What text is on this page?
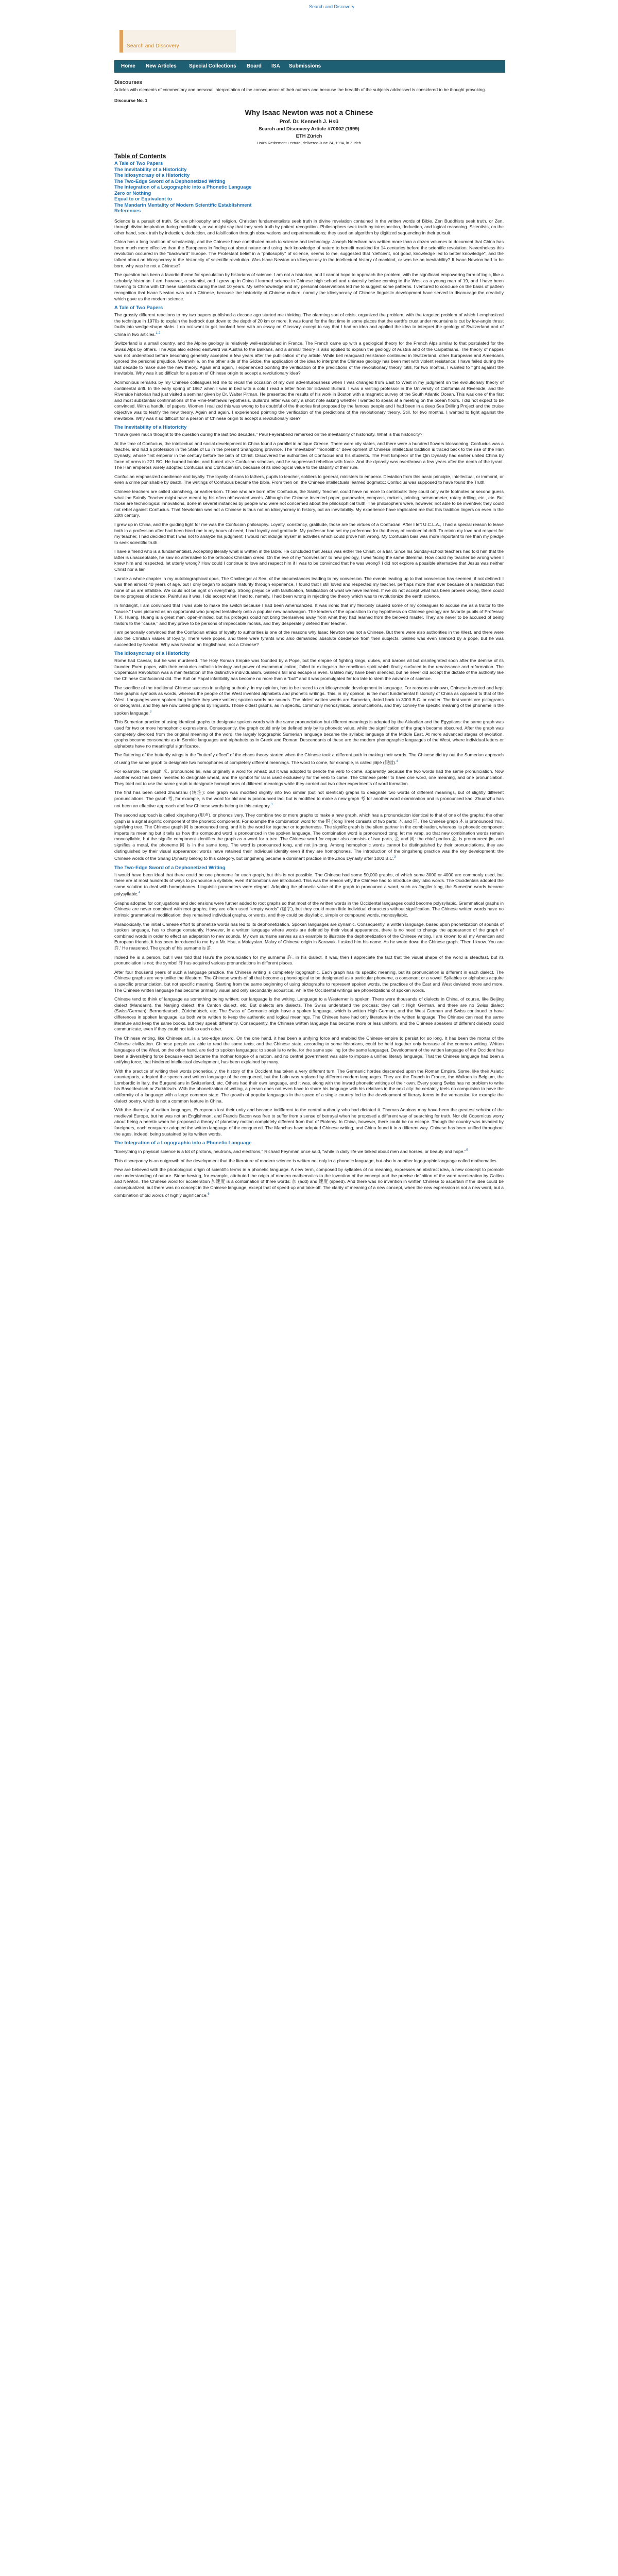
Search and Discovery
Search and Discovery
Home New Articles Special Collections Board ISA Submissions

Discourses

Articles with elements of commentary and personal interpretation of the consequence of their authors and because the breadth of the subjects addressed is considered to be thought provoking.

Discourse No. 1

Why Isaac Newton was not a Chinese

Prof. Dr. Kenneth J. Hsü

Search and Discovery Article #70002 (1999)

ETH Zürich

Hsü's Retirement Lecture, delivered June 24, 1994, in Zürich

Table of Contents

A Tale of Two Papers
The Inevitability of a Historicity
The Idiosyncrasy of a Historicity
The Two-Edge Sword of a Dephonetized Writing
The Integration of a Logographic into a Phonetic Language
Zero or Nothing
Equal to or Equivalent to
The Mandarin Mentality of Modern Scientific Establishment
References

Science is a pursuit of truth. So are philosophy and religion. Christian fundamentalists seek truth in divine revelation contained in the written words of Bible. Zen Buddhists seek truth, or Zen, through divine inspiration during meditation, or we might say that they seek truth by patient recognition. Philosophers seek truth by introspection, deduction, and logical reasoning. Scientists, on the other hand, seek truth by induction, deduction, and falsification through observations and experimentations; they used an algorithm by digitized sequencing in their pursuit.

China has a long tradition of scholarship, and the Chinese have contributed much to science and technology. Joseph Needham has written more than a dozen volumes to document that China has been much more effective than the Europeans in finding out about nature and using their knowledge of nature to benefit mankind for 14 centuries before the scientific revolution. Nevertheless this revolution occurred in the "backward" Europe. The Protestant belief in a "philosophy" of science, seems to me, suggested that "deficient, not good, knowledge led to better knowledge", and the talked about an idiosyncrasy in the historicity of scientific revolution. Was Isaac Newton an idiosyncrasy in the intellectual history of mankind, or was he an inevitability? If Isaac Newton had to be born, why was he not a Chinese?

The question has been a favorite theme for speculation by historians of science. I am not a historian, and I cannot hope to approach the problem, with the significant empowering form of logic, like a scholarly historian. I am, however, a scientist, and I grew up in China I learned science in Chinese high school and university before coming to the West as a young man of 19, and I have been traveling to China with Chinese scientists during the last 10 years. My self-knowledge and my personal observations led me to suggest some patterns. I ventured to conclude on the basis of pattern recognition that Isaac Newton was not a Chinese, because the historicity of Chinese culture, namely the idiosyncrasy of Chinese linguistic development have served to discourage the creativity which gave us the modern science.

A Tale of Two Papers

The grossly different reactions to my two papers published a decade ago started me thinking. The alarming sort of crisis, organized the problem, with the targeted problem of which I emphasized the technique in 1970s to explain the bedrock dust down to the depth of 20 km or more. It was found for the first time in some places that the earth's crust under mountains is cut by low-angle thrust faults into wedge-shape slabs. I do not want to get involved here with an essay on Glossary, except to say that I had an idea and applied the idea to interpret the geology of Switzerland and of China in two articles.$^{1,2}$

Switzerland is a small country, and the Alpine geology is relatively well-established in France. The French came up with a geological theory for the French Alps similar to that postulated for the Swiss Alps by others. The Alps also extend eastward via Austria to the Balkans, and a similar theory is also applied to explain the geology of Austria and of the Carpathians. The theory of nappes was not understood before becoming generally accepted a few years after the publication of my article. While bell rearguard resistance continued in Switzerland, other Europeans and Americans ignored the personal prejudice. Meanwhile, on the other side of the Globe, the application of the idea to interpret the Chinese geology has been met with violent resistance; I have failed during the last decade to make sure the new theory. Again and again, I experienced pointing the verification of the predictions of the revolutionary theory. Still, for two months, I wanted to fight against the inevitable. Why was it so difficult for a person of Chinese origin to accept a revolutionary idea?

Acrimonious remarks by my Chinese colleagues led me to recall the occasion of my own adventurousness when I was changed from East to West in my judgment on the evolutionary theory of continental drift. In the early spring of 1967 when I was in bed with a cold I read a letter from Sir Edward Bullard. I was a visiting professor in the University of California at Riverside, and the Riverside historian had just visited a seminar given by Dr. Walter Pitman. He presented the results of his work in Boston with a magnetic survey of the South Atlantic Ocean. This was one of the first and most substantial confirmations of the Vine-Matthews hypothesis. Bullard's letter was only a short note asking whether I wanted to speak at a meeting on the ocean floors. I did not expect to be convinced. With a handful of papers. Women I realized this was wrong to be doubtful of the theories first proposed by the famous people and I had been in a deep Sea Drilling Project and the cruise objective was to testify the new theory. Again and again, I experienced pointing the verification of the predictions of the revolutionary theory. Still, for two months, I wanted to fight against the inevitable. Why was it so difficult for a person of Chinese origin to accept a revolutionary idea?

The Inevitability of a Historicity

"I have given much thought to the question during the last two decades," Paul Feyerabend remarked on the inevitability of historicity. What is this historicity?

At the time of Confucius, the intellectual and social development in China found a parallel in antique Greece. There were city states, and there were a hundred flowers blossoming. Confucius was a teacher, and had a profession in the State of Lu in the present Shangdong province. The "inevitable" "monolithic" development of Chinese intellectual tradition is traced back to the rise of the Han Dynasty, whose first emperor in the century before the birth of Christ. Discovered the authorities of Confucius and his students. The First Emperor of the Qin Dynasty had earlier united China by force of arms in 221 BC. He burned books, and buried alive Confucian scholars, and he suppressed rebellion with force. And the dynasty was overthrown a few years after the death of the tyrant. The Han emperors wisely adopted Confucius and Confucianism, because of its ideological value to the stability of their rule.

Confucian emphasized obedience and loyalty. The loyalty of sons to fathers, pupils to teacher, soldiers to general, ministers to emperor. Deviation from this basic principle, intellectual, or immoral, or even a crime punishable by death. The writings of Confucius became the bible. From then on, the Chinese intellectuals learned dogmatic: Confucius was supposed to have found the Truth.

Chinese teachers are called xiansheng, or earlier-born. Those who are born after Confucius, the Saintly Teacher, could have no more to contribute: they could only write footnotes or second guess what the Saintly Teacher might have meant by his often obfuscated words. Although the Chinese invented paper, gunpowder, compass, rockets, printing, seismometer, rotary drilling, etc., etc. But those are technological innovations, done in several instances by people who were not concerned about the philosophical truth. The philosophers were, however, not able to be inventive; they could not rebel against Confucius. That Newtonian was not a Chinese is thus not an idiosyncrasy in history, but an inevitability. My experience have implicated me that this tradition lingers on even in the 20th century.

I grew up in China, and the guiding light for me was the Confucian philosophy. Loyalty, constancy, gratitude, those are the virtues of a Confucian. After I left U.C.L.A., I had a special reason to leave both in a profession after had been hired me in my hours of need; I had loyalty and gratitude. My professor had set my preference for the theory of continental drift. To retain my love and respect for my teacher, I had decided that I was not to analyze his judgment; I would not indulge myself in activities which could prove him wrong. My Confucian bias was more important to me than my pledge to seek scientific truth.

I have a friend who is a fundamentalist. Accepting literally what is written in the Bible. He concluded that Jesus was either the Christ, or a liar. Since his Sunday-school teachers had told him that the latter is unacceptable, he saw no alternative to the orthodox Christian creed. On the eve of my "conversion" to new geology, I was facing the same dilemma. How could my teacher be wrong when I knew him and respected, let utterly wrong? How could I continue to love and respect him if I was to be convinced that he was wrong? I did not explore a possible alternative that Jesus was neither Christ nor a liar.

I wrote a whole chapter in my autobiographical opus, The Challenger at Sea, of the circumstances leading to my conversion. The events leading up to that conversion has seemed, if not defined: I was then almost 40 years of age, but I only began to acquire maturity through experience, I found that I still loved and respected my teacher, perhaps more than ever because of a realization that none of us are infallible. We could not be right on everything. Strong prejudice with falsification, falsification of what we have learned. If we do not accept what has been proven wrong, there could be no progress of science. Painful as it was, I did accept what I had to, namely, I had been wrong in rejecting the theory which was to revolutionize the earth science.

In hindsight, I am convinced that I was able to make the switch because I had been Americanized. It was ironic that my flexibility caused some of my colleagues to accuse me as a traitor to the "cause." I was pictured as an opportunist who jumped tentatively onto a popular new bandwagon. The leaders of the opposition to my hypothesis on Chinese geology are favorite pupils of Professor T. K. Huang. Huang is a great man, open-minded, but his proteges could not bring themselves away from what they had learned from the beloved master. They are never to be accused of being traitors to the "cause," and they prove to be persons of impeccable morals, and they desperately defend their teacher.

I am personally convinced that the Confucian ethics of loyalty to authorities is one of the reasons why Isaac Newton was not a Chinese. But there were also authorities in the West, and there were also the Christian values of loyalty. There were popes, and there were tyrants who also demanded absolute obedience from their subjects. Galileo was even silenced by a pope, but he was succeeded by Newton. Why was Newton an Englishman, not a Chinese?

The Idiosyncrasy of a Historicity

Rome had Caesar, but he was murdered. The Holy Roman Empire was founded by a Pope, but the empire of fighting kings, dukes, and barons all but disintegrated soon after the demise of its founder. Even popes, with their centuries catholic ideology and power of excommunication, failed to extinguish the rebellious spirit which finally surfaced in the renaissance and reformation. The Copernican Revolution was a manifestation of the distinctive individualism. Galileo's fall and escape is even. Galileo may have been silenced, but he never did accept the dictate of the authority like the Chinese Confucianist did. The Bull on Papal infallibility has become no more than a "bull" and it was promulgated far too late to stem the advance of science.

The sacrifice of the traditional Chinese success in unifying authority, in my opinion, has to be traced to an idiosyncratic development in language. For reasons unknown, Chinese invented and kept their graphic symbols as words, whereas the people of the West invented alphabets and phonetic writings. This, in my opinion, is the most fundamental historicity of China as opposed to that of the West. Languages were spoken long before they were written; spoken words are sounds. The oldest written words are Sumerian, dated back to 3000 B.C. or earlier. The first words are pictograms or ideograms, and they are now called graphs by linguists. Those oldest graphs, as in specific, commonly monosyllabic, pronunciations, and they convey the specific meaning of the phoneme in the spoken language.$^3$

This Sumerian practice of using identical graphs to designate spoken words with the same pronunciation but different meanings is adopted by the Akkadian and the Egyptians: the same graph was used for two or more homophonic expressions. Consequently, the graph could only be defined only by its phonetic value, while the signification of the graph became obscured. After the graph was completely divorced from the original meaning of the word, the largely logographic Sumerian language became the syllabic language of the Middle East. At more advanced stages of evolution, graphs became consonants as in Semitic languages and alphabets as in Greek and Roman. Descendants of these are the modern phonographic languages of the West, where individual letters or alphabets have no meaningful significance.

The fluttering of the butterfly wings in the "butterfly effect" of the chaos theory started when the Chinese took a different path in making their words. The Chinese did try out the Sumerian approach of using the same graph to designate two homophones of completely different meanings. The word to come, for example, is called jiǎjiè (假借).$^4$

For example, the graph 来, pronounced lai, was originally a word for wheat; but it was adopted to denote the verb to come, apparently because the two words had the same pronunciation. Now another word has been invented to designate wheat, and the symbol for lai is used exclusively for the verb to come. The Chinese prefer to have one word, one meaning, and one pronunciation. They tried not to use the same graph to designate homophones of different meanings while they carried out two other experiments of word formation.

The first has been called zhuanzhu (转注): one graph was modified slightly into two similar (but not identical) graphs to designate two words of different meanings, but of slightly different pronunciations. The graph 考, for example, is the word for old and is pronounced lao, but is modified to make a new graph 考 for another word examination and is pronounced kao. Zhuanzhu has not been an effective approach and few Chinese words belong to this category.$^3$

The second approach is called xingsheng (形声), or phonosilvery. They combine two or more graphs to make a new graph, which has a pronunciation identical to that of one of the graphs; the other graph is a signal signific component of the phonetic component. For example the combination word for the 铜 (Tong Tree) consists of two parts: 木 and 同. The Chinese graph 木 is pronounced 'mu', signifying tree. The Chinese graph 同 is pronounced tong, and it is the word for together or togetherness. The signific graph is the silent partner in the combination, whereas its phonetic component imparts its meaning but it tells us how this compound word is pronounced in the spoken language. The combination word is pronounced tong; let me wrap, so that new combination words remain monosyllabic, but the signific component identifies the graph as a word for a tree. The Chinese word for copper also consists of two parts, 金 and 同: the chief portion 金, is pronounced jin, and signifies a metal, the phoneme 同 is in the same tong. The word is pronounced tong, and not jin-tong. Among homophonic words cannot be distinguished by their pronunciations, they are distinguished by their visual appearance; words have retained their individual identity even if they are homophones. The introduction of the xingsheng practice was the key development: the Chinese words of the Shang Dynasty belong to this category, but xingsheng became a dominant practice in the Zhou Dynasty after 1000 B.C.$^3$

The Two-Edge Sword of a Dephonetized Writing

It would have been ideal that there could be one phoneme for each graph, but this is not possible. The Chinese had some 50,000 graphs, of which some 3000 or 4000 are commonly used, but there are at most hundreds of ways to pronounce a syllable, even if intonations are introduced. This was the reason why the Chinese had to introduce disyllabic words. The Occidentals adopted the same solution to deal with homophones. Linguistic parameters were elegant. Adopting the phonetic value of the graph to pronounce a word, such as Jagjiler king, the Sumerian words became polysyllabic.$^4$

Graphs adopted for conjugations and declensions were further added to root graphs so that most of the written words in the Occidental languages could become polysyllabic. Grammatical graphs in Chinese are never combined with root graphs; they are often used "empty words" (虚字), but they could mean little individual characters without signification. The Chinese written words have no intrinsic grammatical modification: they remained individual graphs, or words, and they could be disyllabic, simple or compound words, monosyllabic.

Paradoxically, the initial Chinese effort to phonetize words has led to its dephonetization. Spoken languages are dynamic. Consequently, a written language, based upon phonetization of sounds of spoken language, has to change constantly. However, in a written language where words are defined by their visual appearance, there is no need to change the appearance of the graph of combined words in order to effect an adaptation to new sounds. My own surname serves as an example to illustrate the dephonetization of the Chinese writing. I am known to all my American and European friends, it has been introduced to me by a Mr. Hsu, a Malaysian. Malay of Chinese origin in Sarawak. I asked him his name. As he wrote down the Chinese graph. 'Then I know. You are 許.' He reasoned. The graph of his surname is 許.

Indeed he is a person, but I was told that Hsu's the pronunciation for my surname 許. in his dialect. It was, then I appreciate the fact that the visual shape of the word is steadfast, but its pronunciation is not; the symbol 許 has acquired various pronunciations in different places.

After four thousand years of such a language practice, the Chinese writing is completely logographic. Each graph has its specific meaning, but its pronunciation is different in each dialect. The Chinese graphs are very unlike the Western. The Chinese words of all that become a phonological to be designated as a particular phoneme, a consonant or a vowel. Syllables or alphabets acquire a specific pronunciation, but not specific meaning. Starting from the same beginning of using pictographs to represent spoken words, the practices of the East and West deviated more and more. The Chinese written language has become primarily visual and only secondarily acoustical, while the Occidental writings are phonetizations of spoken words.

Chinese tend to think of language as something being written; our language is the writing. Language to a Westerner is spoken. There were thousands of dialects in China, of course, like Beijing dialect (Mandarin), the Nanjing dialect, the Canton dialect, etc. But dialects are dialects. The Swiss understand the process; they call it High German, and there are no Swiss dialect (Swiss/German): Bernerdeutsch, Zürichdütsch, etc. The Swiss of Germanic origin have a spoken language, which is written High German, and the West German and Swiss continued to have differences in spoken language, as both write written to keep the authentic and logical meanings. The Chinese have had only literature in the written language. The Chinese can read the same literature and keep the same books, but they speak differently. Consequently, the Chinese written language has become more or less uniform, and the Chinese speakers of different dialects could communicate, even if they could not talk to each other.

The Chinese writing, like Chinese art, is a two-edge sword. On the one hand, it has been a unifying force and enabled the Chinese empire to persist for so long. It has been the mortar of the Chinese civilization. Chinese people are able to read the same texts, and the Chinese state, according to some historians, could be held together only because of the common writing. Written languages of the West, on the other hand, are tied to spoken languages: to speak is to write, for the same spelling (or the same language). Development of the written language of the Occident has been a diversifying force because each became the mother tongue of a nation, and no central government was able to impose a unified literary language. That the Chinese language had been a unifying force, that hindered intellectual development, has been explained by many.

With the practice of writing their words phonetically, the history of the Occident has taken a very different turn. The Germanic hordes descended upon the Roman Empire. Some, like their Asiatic counterparts, adopted the speech and written language of the conquered, but the Latin was replaced by different modern languages. They are the French in France, the Walloon in Belgium, the Lombardic in Italy, the Burgundians in Switzerland, etc. Others had their own language, and it was, along with the inward phonetic writings of their own. Every young Swiss has no problem to write his Baseldeutsch or Zuridütsch. With the phonetization of writing, a person does not even have to share his language with his relatives in the next city: he certainly feels no compulsion to have the uniformity of a language with a large common state. The growth of popular languages in the space of a single country led to the development of literary forms in the vernacular, for example the dialect poetry, which is not a common feature in China.

With the diversity of written languages, Europeans lost their unity and became indifferent to the central authority who had dictated it. Thomas Aquinas may have been the greatest scholar of the medieval Europe, but he was not an Englishman, and Francis Bacon was free to suffer from a sense of betrayal when he proposed a different way of searching for truth. Nor did Copernicus worry about being a heretic when he proposed a theory of planetary motion completely different from that of Ptolemy. In China, however, there could be no escape. Though the country was invaded by foreigners, each conqueror adopted the written language of the conquered. The Manchus have adopted Chinese writing, and China found it in a different way. Chinese has been unified throughout the ages, indeed: being sustained by its written words.

The Integration of a Logographic into a Phonetic Language

"Everything in physical science is a lot of protons, neutrons, and electrons," Richard Feynman once said, "while in daily life we talked about men and horses, or beauty and hope."$^5$

This discrepancy is an outgrowth of the development that the literature of modern science is written not only in a phonetic language, but also in another logographic language called mathematics.

Few are believed with the phonological origin of scientific terms in a phonetic language. A new term, composed by syllables of no meaning, expresses an abstract idea, a new concept to promote one understanding of nature. Stone-hewing, for example, attributed the origin of modern mathematics to the invention of the concept and the precise definition of the word acceleration by Galileo and Newton. The Chinese word for acceleration 加速度 is a combination of three words: 加 (add) and 速度 (speed). And there was no invention in written Chinese to ascertain if the idea could be conceptualized, but there was no concept in the Chinese language, except that of speed-up and take-off. The clarity of meaning of a new concept, when the new expression is not a new word, but a combination of old words of highly significance.$^6$
